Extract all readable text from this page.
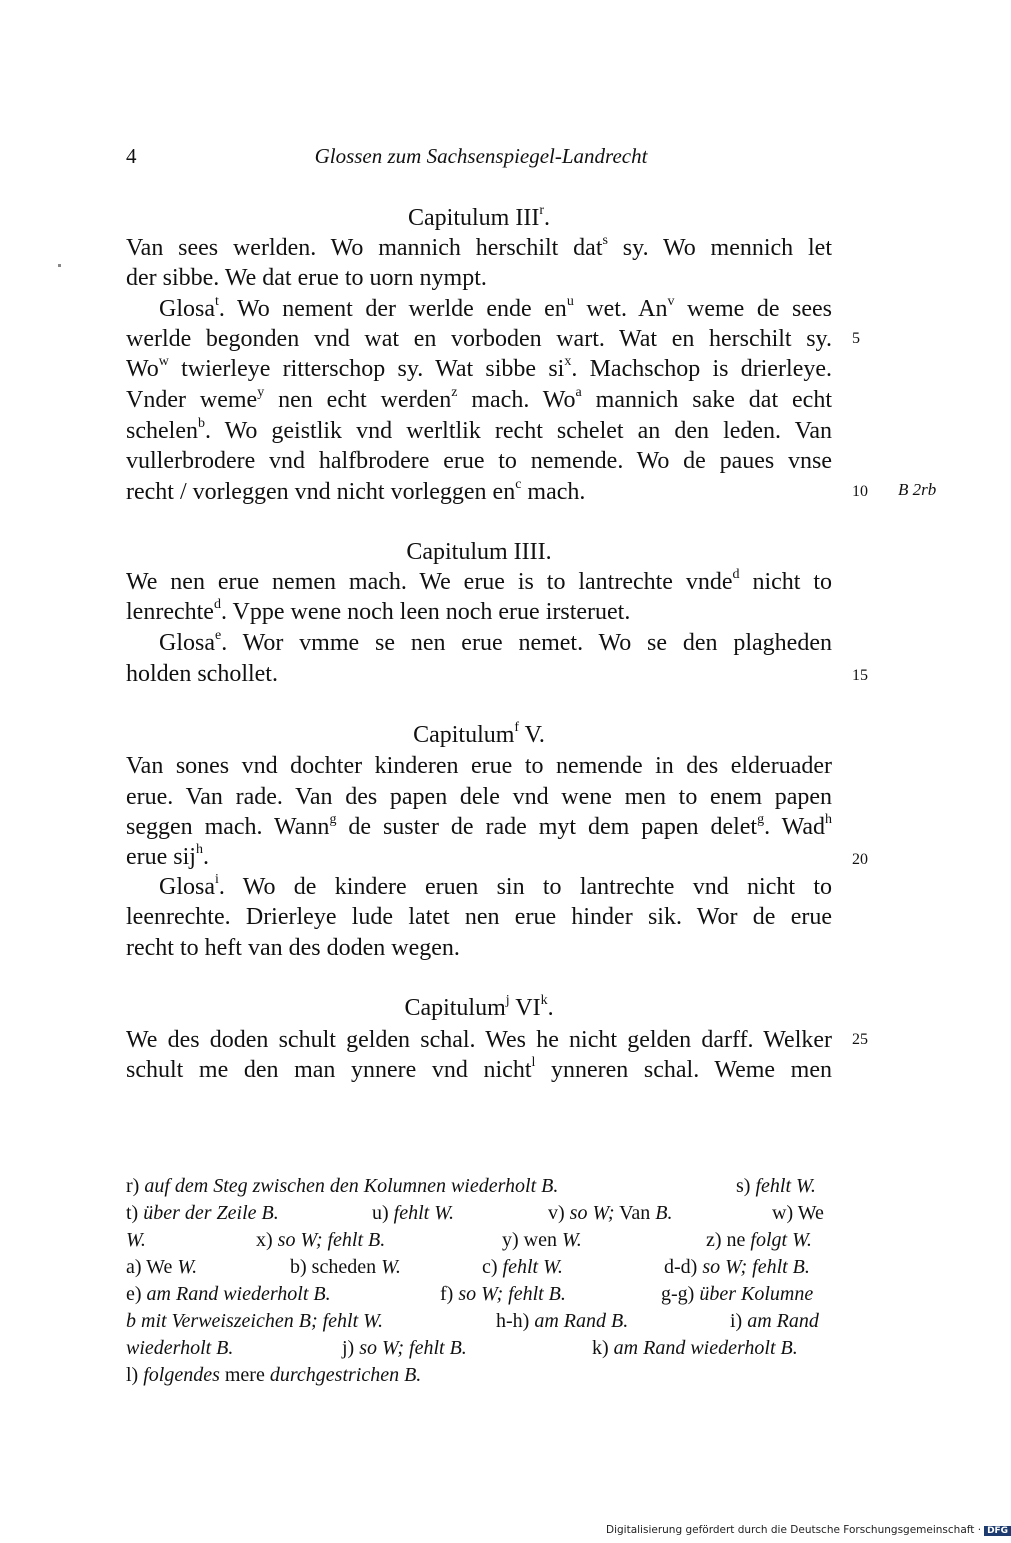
Glossen zum Sachsenspiegel-Landrecht
4
Capitulum III$^r$.
Van sees werlden. Wo mannich herschilt dat$^s$ sy. Wo mennich let
der sibbe. We dat erue to uorn nympt.
Glosa$^t$. Wo nement der werlde ende $en^u$ wet. An$^v$ weme de sees
werlde begonden vnd wat en vorboden wart. Wat en herschilt sy. 5
Wo$^w$ twierleye ritterschop sy. Wat sibbe $si^x$. Machschop is drierleye.
Vnder weme$^y$ nen echt werden$^z$ mach. Wo$^a$ mannich sake dat echt
schelen$^b$. Wo geistlik vnd werltlik recht schelet an den leden. Van
vullerbrodere vnd halfbrodere erue to nemende. Wo de paues vnse
recht / vorleggen vnd nicht vorleggen $en^c$ mach.	10	B 2rb
Capitulum IIII.
We nen erue nemen mach. We erue is to lantrechte vnde$^d$ nicht to
lenrechte$^d$. Vppe wene noch leen noch erue irsteruet.
Glosa$^e$. Wor vmme se nen erue nemet. Wo se den plagheden
holden schollet.	15
Capitulum$^f$ V.
Van sones vnd dochter kinderen erue to nemende in des elderuader
erue. Van rade. Van des papen dele vnd wene men to enem papen
seggen mach. Wann$^g$ de suster de rade myt dem papen delet$^g$. Wad$^h$
erue sij$^h$.	20
Glosa$^i$. Wo de kindere eruen sin to lantrechte vnd nicht to
leenrechte. Drierleye lude latet nen erue hinder sik. Wor de erue
recht to heft van des doden wegen.
Capitulum$^j$ $VI^k$.
We des doden schult gelden schal. Wes he nicht gelden darff. Welker 25
schult me den man ynnere vnd nicht$^l$ ynneren schal. Weme men
r) auf dem Steg zwischen den Kolumnen wiederholt B.	s) fehlt W.
t) über der Zeile B.	u) fehlt W.	v) so W; Van B.	w) We
W.	x) so W; fehlt B.	y) wen W.	z) ne folgt W.
a) We W.	b) scheden W.	c) fehlt W.	d-d) so W; fehlt B.
e) am Rand wiederholt B.	f) so W; fehlt B.	g-g) über Kolumne
b mit Verweiszeichen B; fehlt W.	h-h) am Rand B.	i) am Rand
wiederholt B.	j) so W; fehlt B.	k) am Rand wiederholt B.
l) folgendes mere durchgestrichen B.
Digitalisierung gefördert durch die Deutsche Forschungsgemeinschaft · DFG
